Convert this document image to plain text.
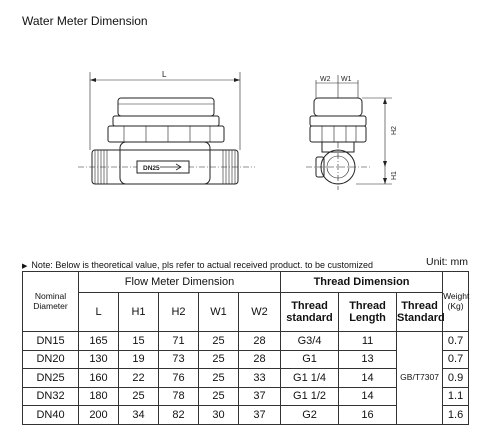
Water Meter Dimension
L
W2 W1
H2
H1
DN25
▶ Note: Below is theoretical value, pls refer to actual received product. to be customized	Unit: mm
Nominal Diameter	Flow Meter Dimension					Thread Dimension			Weight (Kg)
	L	H1	H2	W1	W2	Thread standard	Thread Length	Thread Standard	
DN15	165	15	71	25	28	G3/4	11	GB/T7307	0.7
DN20	130	19	73	25	28	G1	13		0.7
DN25	160	22	76	25	33	G1 1/4	14		0.9
DN32	180	25	78	25	37	G1 1/2	14		1.1
DN40	200	34	82	30	37	G2	16		1.6
